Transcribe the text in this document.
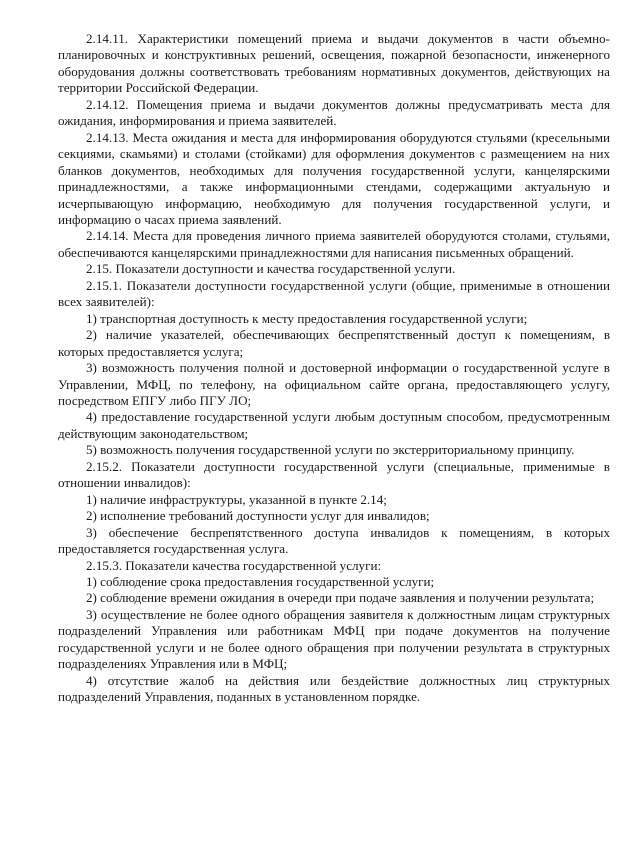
2.14.11. Характеристики помещений приема и выдачи документов в части объемно-планировочных и конструктивных решений, освещения, пожарной безопасности, инженерного оборудования должны соответствовать требованиям нормативных документов, действующих на территории Российской Федерации.

2.14.12. Помещения приема и выдачи документов должны предусматривать места для ожидания, информирования и приема заявителей.

2.14.13. Места ожидания и места для информирования оборудуются стульями (кресельными секциями, скамьями) и столами (стойками) для оформления документов с размещением на них бланков документов, необходимых для получения государственной услуги, канцелярскими принадлежностями, а также информационными стендами, содержащими актуальную и исчерпывающую информацию, необходимую для получения государственной услуги, и информацию о часах приема заявлений.

2.14.14. Места для проведения личного приема заявителей оборудуются столами, стульями, обеспечиваются канцелярскими принадлежностями для написания письменных обращений.

2.15. Показатели доступности и качества государственной услуги.

2.15.1. Показатели доступности государственной услуги (общие, применимые в отношении всех заявителей):

1) транспортная доступность к месту предоставления государственной услуги;

2) наличие указателей, обеспечивающих беспрепятственный доступ к помещениям, в которых предоставляется услуга;

3) возможность получения полной и достоверной информации о государственной услуге в Управлении, МФЦ, по телефону, на официальном сайте органа, предоставляющего услугу, посредством ЕПГУ либо ПГУ ЛО;

4) предоставление государственной услуги любым доступным способом, предусмотренным действующим законодательством;

5) возможность получения государственной услуги по экстерриториальному принципу.

2.15.2. Показатели доступности государственной услуги (специальные, применимые в отношении инвалидов):

1) наличие инфраструктуры, указанной в пункте 2.14;

2) исполнение требований доступности услуг для инвалидов;

3) обеспечение беспрепятственного доступа инвалидов к помещениям, в которых предоставляется государственная услуга.

2.15.3. Показатели качества государственной услуги:

1) соблюдение срока предоставления государственной услуги;

2) соблюдение времени ожидания в очереди при подаче заявления и получении результата;

3) осуществление не более одного обращения заявителя к должностным лицам структурных подразделений Управления или работникам МФЦ при подаче документов на получение государственной услуги и не более одного обращения при получении результата в структурных подразделениях Управления или в МФЦ;

4) отсутствие жалоб на действия или бездействие должностных лиц структурных подразделений Управления, поданных в установленном порядке.
